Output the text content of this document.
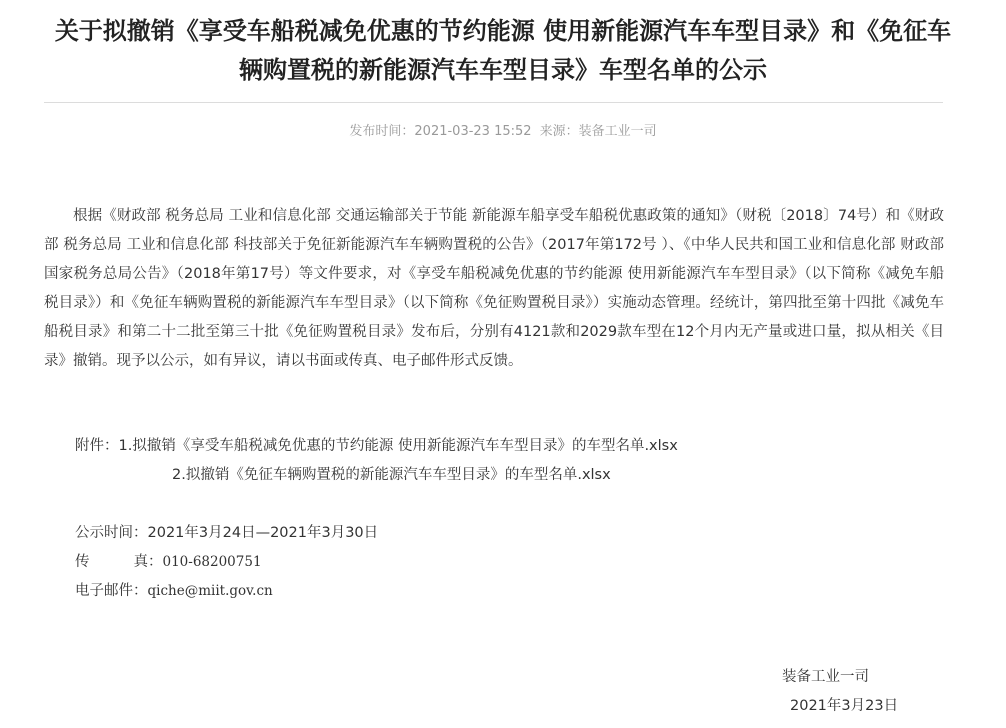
关于拟撤销《享受车船税减免优惠的节约能源 使用新能源汽车车型目录》和《免征车
辆购置税的新能源汽车车型目录》车型名单的公示
发布时间：2021-03-23 15:52 来源：装备工业一司

根据《财政部 税务总局 工业和信息化部 交通运输部关于节能 新能源车船享受车船税优惠政策的通知》（财税〔2018〕74号）和《财政部 税务总局 工业和信息化部 科技部关于免征新能源汽车车辆购置税的公告》（2017年第172号 ）、《中华人民共和国工业和信息化部 财政部 国家税务总局公告》（2018年第17号）等文件要求，对《享受车船税减免优惠的节约能源 使用新能源汽车车型目录》（以下简称《减免车船税目录》）和《免征车辆购置税的新能源汽车车型目录》（以下简称《免征购置税目录》）实施动态管理。经统计，第四批至第十四批《减免车船税目录》和第二十二批至第三十批《免征购置税目录》发布后，分别有4121款和2029款车型在12个月内无产量或进口量，拟从相关《目录》撤销。现予以公示，如有异议，请以书面或传真、电子邮件形式反馈。

附件：1.拟撤销《享受车船税减免优惠的节约能源 使用新能源汽车车型目录》的车型名单.xlsx
2.拟撤销《免征车辆购置税的新能源汽车车型目录》的车型名单.xlsx
公示时间：2021年3月24日—2021年3月30日
传	真：010-68200751
电子邮件：qiche@miit.gov.cn
装备工业一司
2021年3月23日
